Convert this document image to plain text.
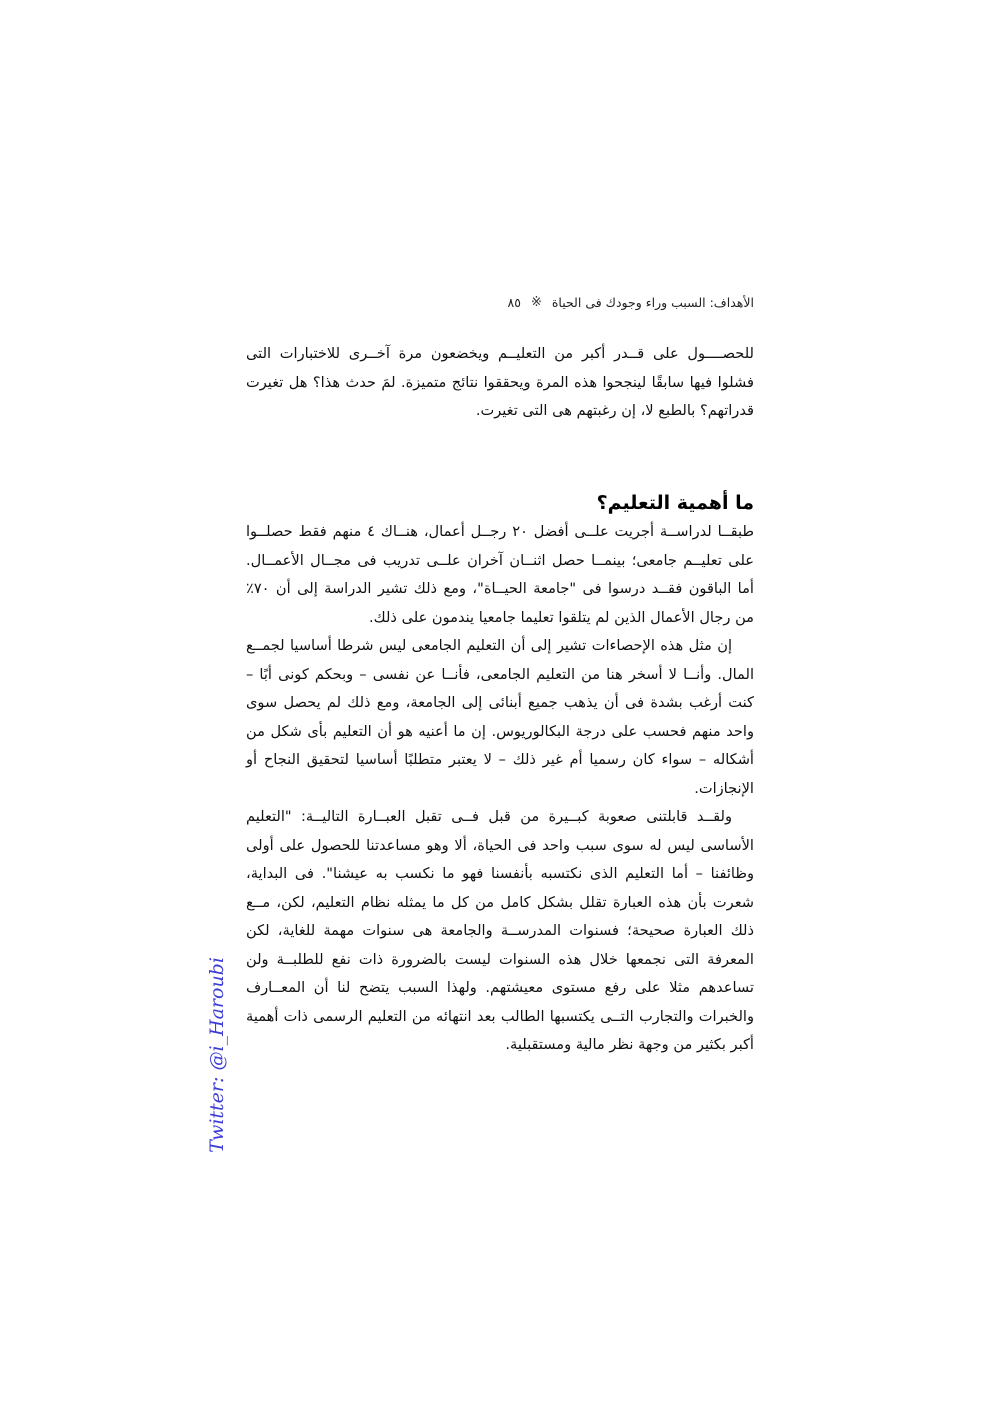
الأهداف: السبب وراء وجودك فى الحياة
※
٨٥

للحصــــول على قــدر أكبر من التعليــم ويخضعون مرة آخــرى للاختبارات التى فشلوا فيها سابقًا لينجحوا هذه المرة ويحققوا نتائج متميزة. لمَ حدث هذا؟ هل تغيرت قدراتهم؟ بالطبع لا، إن رغبتهم هى التى تغيرت.

ما أهمية التعليم؟

طبقــا لدراســة أجريت علــى أفضل ٢٠ رجــل أعمال، هنــاك ٤ منهم فقط حصلــوا على تعليــم جامعى؛ بينمــا حصل اثنــان آخران علــى تدريب فى مجــال الأعمــال. أما الباقون فقــد درسوا فى "جامعة الحيــاة"، ومع ذلك تشير الدراسة إلى أن ٧٠٪ من رجال الأعمال الذين لم يتلقوا تعليما جامعيا يندمون على ذلك.

إن مثل هذه الإحصاءات تشير إلى أن التعليم الجامعى ليس شرطا أساسيا لجمــع المال. وأنــا لا أسخر هنا من التعليم الجامعى، فأنــا عن نفسى – وبحكم كونى أبًا – كنت أرغب بشدة فى أن يذهب جميع أبنائى إلى الجامعة، ومع ذلك لم يحصل سوى واحد منهم فحسب على درجة البكالوريوس. إن ما أعنيه هو أن التعليم بأى شكل من أشكاله – سواء كان رسميا أم غير ذلك – لا يعتبر متطلبًا أساسيا لتحقيق النجاح أو الإنجازات.

ولقــد قابلتنى صعوبة كبــيرة من قبل فــى تقبل العبــارة التاليــة: "التعليم الأساسى ليس له سوى سبب واحد فى الحياة، ألا وهو مساعدتنا للحصول على أولى وظائفنا – أما التعليم الذى نكتسبه بأنفسنا فهو ما نكسب به عيشنا". فى البداية، شعرت بأن هذه العبارة تقلل بشكل كامل من كل ما يمثله نظام التعليم، لكن، مــع ذلك العبارة صحيحة؛ فسنوات المدرســة والجامعة هى سنوات مهمة للغاية، لكن المعرفة التى نجمعها خلال هذه السنوات ليست بالضرورة ذات نفع للطلبــة ولن تساعدهم مثلا على رفع مستوى معيشتهم. ولهذا السبب يتضح لنا أن المعــارف والخبرات والتجارب التــى يكتسبها الطالب بعد انتهائه من التعليم الرسمى ذات أهمية أكبر بكثير من وجهة نظر مالية ومستقبلية.

Twitter: @i_Haroubi
